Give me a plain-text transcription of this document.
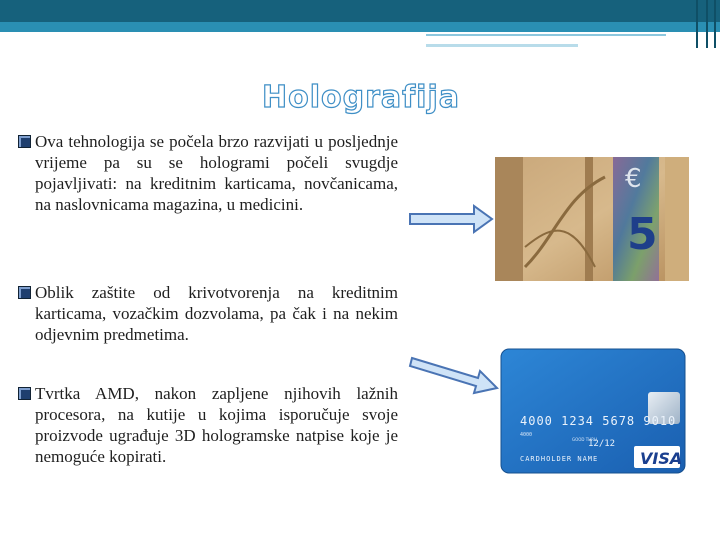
Holografija
Ova tehnologija se počela brzo razvijati u posljednje vrijeme pa su se hologrami počeli svugdje pojavljivati: na kreditnim karticama, novčanicama, na naslovnicama magazina, u medicini.
Oblik zaštite od krivotvorenja na kreditnim karticama, vozačkim dozvolama, pa čak i na nekim odjevnim predmetima.
Tvrtka AMD, nakon zapljene njihovih lažnih procesora, na kutije u kojima isporučuje svoje proizvode ugrađuje 3D hologramske natpise koje je nemoguće kopirati.
€
5
4000 1234 5678 9010
4000
GOOD THRU
12/12
CARDHOLDER NAME	VISA
